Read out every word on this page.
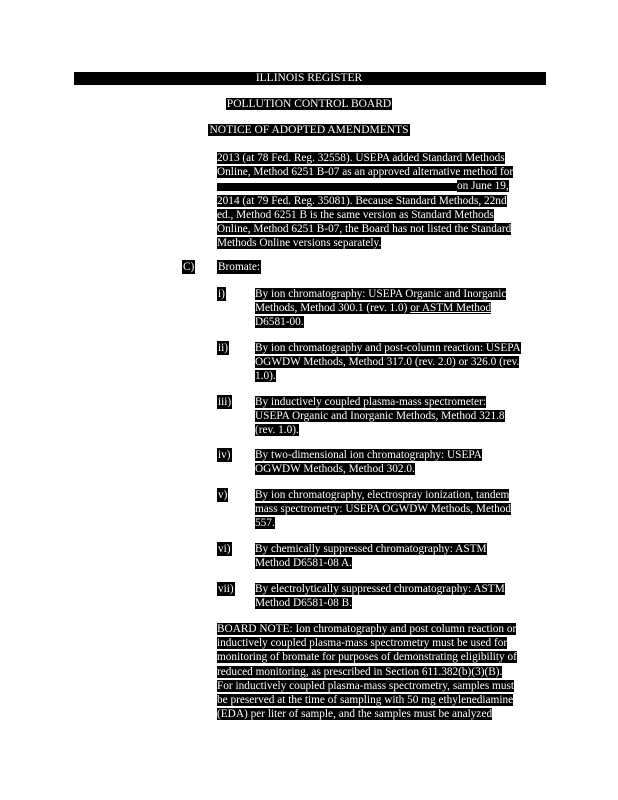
ILLINOIS REGISTER
POLLUTION CONTROL BOARD
NOTICE OF ADOPTED AMENDMENTS
2013 (at 78 Fed. Reg. 32558). USEPA added Standard Methods
Online, Method 6251 B-07 as an approved alternative method for
on June 19,
2014 (at 79 Fed. Reg. 35081). Because Standard Methods, 22nd
ed., Method 6251 B is the same version as Standard Methods
Online, Method 6251 B-07, the Board has not listed the Standard
Methods Online versions separately.
C) Bromate:
i)	By ion chromatography: USEPA Organic and Inorganic
Methods, Method 300.1 (rev. 1.0) or ASTM Method
D6581-00.
ii) By ion chromatography and post-column reaction: USEPA
OGWDW Methods, Method 317.0 (rev. 2.0) or 326.0 (rev.
1.0).
iii) By inductively coupled plasma-mass spectrometer:
USEPA Organic and Inorganic Methods, Method 321.8
(rev. 1.0).
iv) By two-dimensional ion chromatography: USEPA
OGWDW Methods, Method 302.0.
v) By ion chromatography, electrospray ionization, tandem
mass spectrometry: USEPA OGWDW Methods, Method
557.
vi) By chemically suppressed chromatography: ASTM
Method D6581-08 A.
vii) By electrolytically suppressed chromatography: ASTM
Method D6581-08 B.
BOARD NOTE: Ion chromatography and post column reaction or
inductively coupled plasma-mass spectrometry must be used for
monitoring of bromate for purposes of demonstrating eligibility of
reduced monitoring, as prescribed in Section 611.382(b)(3)(B).
For inductively coupled plasma-mass spectrometry, samples must
be preserved at the time of sampling with 50 mg ethylenediamine
(EDA) per liter of sample, and the samples must be analyzed
